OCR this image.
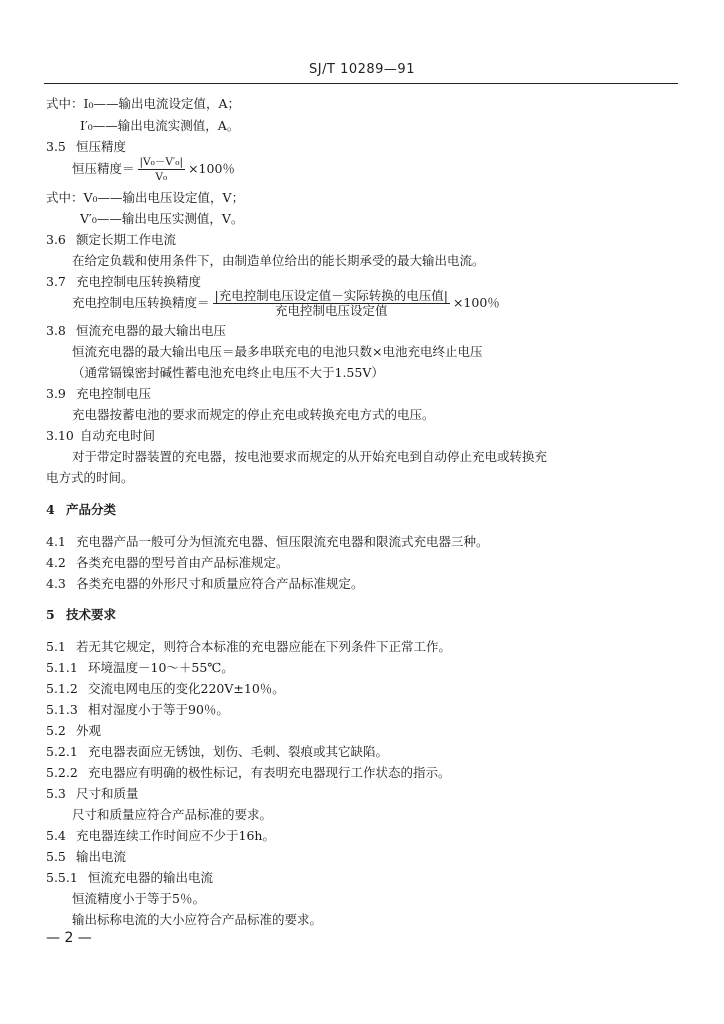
SJ/T 10289—91
式中：I₀——输出电流设定值，A；
I′₀——输出电流实测值，A。
3.5 恒压精度
恒压精度＝ $\frac{\text{|V₀－V′₀|}}{\text{V₀}} \times 100$％
式中：V₀——输出电压设定值，V；
V′₀——输出电压实测值，V。
3.6 额定长期工作电流
在给定负载和使用条件下，由制造单位给出的能长期承受的最大输出电流。
3.7 充电控制电压转换精度
充电控制电压转换精度＝ $\frac{\text{|充电控制电压设定值－实际转换的电压值|}}{\text{充电控制电压设定值}} \times 100$％
3.8 恒流充电器的最大输出电压
恒流充电器的最大输出电压＝最多串联充电的电池只数×电池充电终止电压
（通常镉镍密封碱性蓄电池充电终止电压不大于1.55V）
3.9 充电控制电压
充电器按蓄电池的要求而规定的停止充电或转换充电方式的电压。
3.10 自动充电时间
对于带定时器装置的充电器，按电池要求而规定的从开始充电到自动停止充电或转换充
电方式的时间。
4 产品分类
4.1 充电器产品一般可分为恒流充电器、恒压限流充电器和限流式充电器三种。
4.2 各类充电器的型号首由产品标准规定。
4.3 各类充电器的外形尺寸和质量应符合产品标准规定。
5 技术要求
5.1 若无其它规定，则符合本标准的充电器应能在下列条件下正常工作。
5.1.1 环境温度－10～＋55℃。
5.1.2 交流电网电压的变化220V±10％。
5.1.3 相对湿度小于等于90％。
5.2 外观
5.2.1 充电器表面应无锈蚀，划伤、毛刺、裂痕或其它缺陷。
5.2.2 充电器应有明确的极性标记，有表明充电器现行工作状态的指示。
5.3 尺寸和质量
尺寸和质量应符合产品标准的要求。
5.4 充电器连续工作时间应不少于16h。
5.5 输出电流
5.5.1 恒流充电器的输出电流
恒流精度小于等于5％。
输出标称电流的大小应符合产品标准的要求。
— 2 —
